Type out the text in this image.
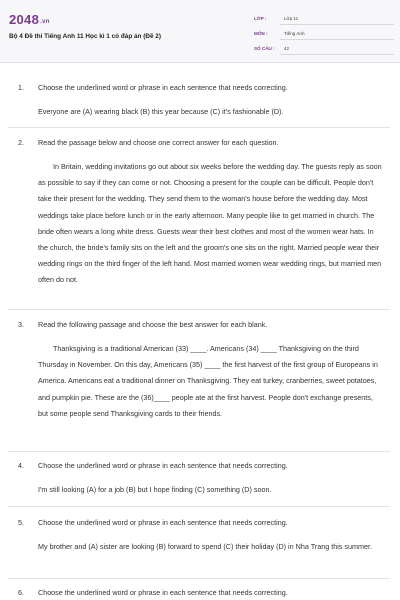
2048.vn
Bộ 4 Đề thi Tiếng Anh 11 Học kì 1 có đáp án (Đề 2)
LỚP :	Lớp 11
MÔN :	Tiếng Anh
SỐ CÂU : 42
1. Choose the underlined word or phrase in each sentence that needs correcting.
Everyone are (A) wearing black (B) this year because (C) it's fashionable (D).
2. Read the passage below and choose one correct answer for each question.
In Britain, wedding invitations go out about six weeks before the wedding day. The guests reply as soon as possible to say if they can come or not. Choosing a present for the couple can be difficult. People don't take their present for the wedding. They send them to the woman's house before the wedding day. Most weddings take place before lunch or in the early afternoon. Many people like to get married in church. The bride often wears a long white dress. Guests wear their best clothes and most of the women wear hats. In the church, the bride's family sits on the left and the groom's one sits on the right. Married people wear their wedding rings on the third finger of the left hand. Most married women wear wedding rings, but married men often do not.
3. Read the following passage and choose the best answer for each blank.
Thanksgiving is a traditional American (33) ____. Americans (34) ____ Thanksgiving on the third Thursday in November. On this day, Americans (35) ____ the first harvest of the first group of Europeans in America. Americans eat a traditional dinner on Thanksgiving. They eat turkey, cranberries, sweet potatoes, and pumpkin pie. These are the (36)____ people ate at the first harvest. People don't exchange presents, but some people send Thanksgiving cards to their friends.
4. Choose the underlined word or phrase in each sentence that needs correcting.
I'm still looking (A) for a job (B) but I hope finding (C) something (D) soon.
5. Choose the underlined word or phrase in each sentence that needs correcting.
My brother and (A) sister are looking (B) forward to spend (C) their holiday (D) in Nha Trang this summer.
6. Choose the underlined word or phrase in each sentence that needs correcting.
